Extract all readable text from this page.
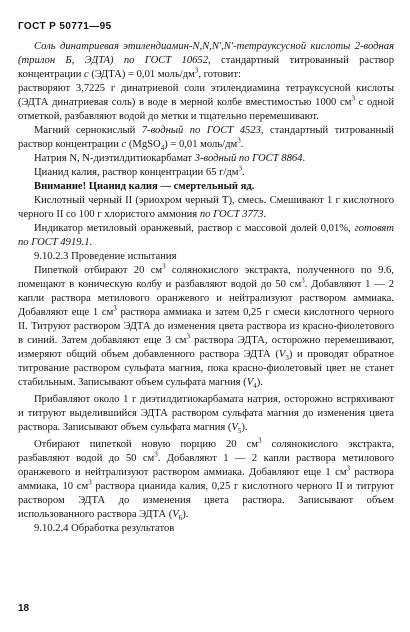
ГОСТ Р 50771—95

Соль динатриевая этилендиамин-N,N,N',N'-тетрауксусной кислоты 2-водная (трилон Б, ЭДТА) по ГОСТ 10652, стандартный титрованный раствор концентрации c (ЭДТА) = 0,01 моль/$дм^3$, готовит:

растворяют 3,7225 г динатриевой соли этилендиамина тетрауксусной кислоты (ЭДТА динатриевая соль) в воде в мерной колбе вместимостью 1000 $см^3$ с одной отметкой, разбавляют водой до метки и тщательно перемешивают.

Магний сернокислый 7-водный по ГОСТ 4523, стандартный титрованный раствор концентрации c (MgSO$_4$) = 0,01 моль/$дм^3$.

Натрия N, N-диэтилдитиокарбамат 3-водный по ГОСТ 8864.

Цианид калия, раствор концентрации 65 $г/дм^3$.

Внимание! Цианид калия — смертельный яд.

Кислотный черный II (эриохром черный Т), смесь. Смешивают 1 г кислотного черного II со 100 г хлористого аммония по ГОСТ 3773.

Индикатор метиловый оранжевый, раствор с массовой долей 0,01%, готовят по ГОСТ 4919.1.

9.10.2.3 Проведение испытания

Пипеткой отбирают 20 $см^3$ солянокислого экстракта, полученного по 9.6, помещают в коническую колбу и разбавляют водой до 50 $см^3$. Добавляют 1 — 2 капли раствора метилового оранжевого и нейтрализуют раствором аммиака. Добавляют еще 1 $см^3$ раствора аммиака и затем 0,25 г смеси кислотного черного II. Титруют раствором ЭДТА до изменения цвета раствора из красно-фиолетового в синий. Затем добавляют еще 3 $см^3$ раствора ЭДТА, осторожно перемешивают, измеряют общий объем добавленного раствора ЭДТА $(V_3)$ и проводят обратное титрование раствором сульфата магния, пока красно-фиолетовый цвет не станет стабильным. Записывают объем сульфата магния $(V_4)$.

Прибавляют около 1 г диэтилдитиокарбамата натрия, осторожно встряхивают и титруют выделившийся ЭДТА раствором сульфата магния до изменения цвета раствора. Записывают объем сульфата магния $(V_5)$.

Отбирают пипеткой новую порцию 20 $см^3$ солянокислого экстракта, разбавляют водой до 50 $см^3$. Добавляют 1 — 2 капли раствора метилового оранжевого и нейтрализуют раствором аммиака. Добавляют еще 1 $см^3$ раствора аммиака, 10 $см^3$ раствора цианида калия, 0,25 г кислотного черного II и титруют раствором ЭДТА до изменения цвета раствора. Записывают объем использованного раствора ЭДТА $(V_6)$.

9.10.2.4 Обработка результатов

18
